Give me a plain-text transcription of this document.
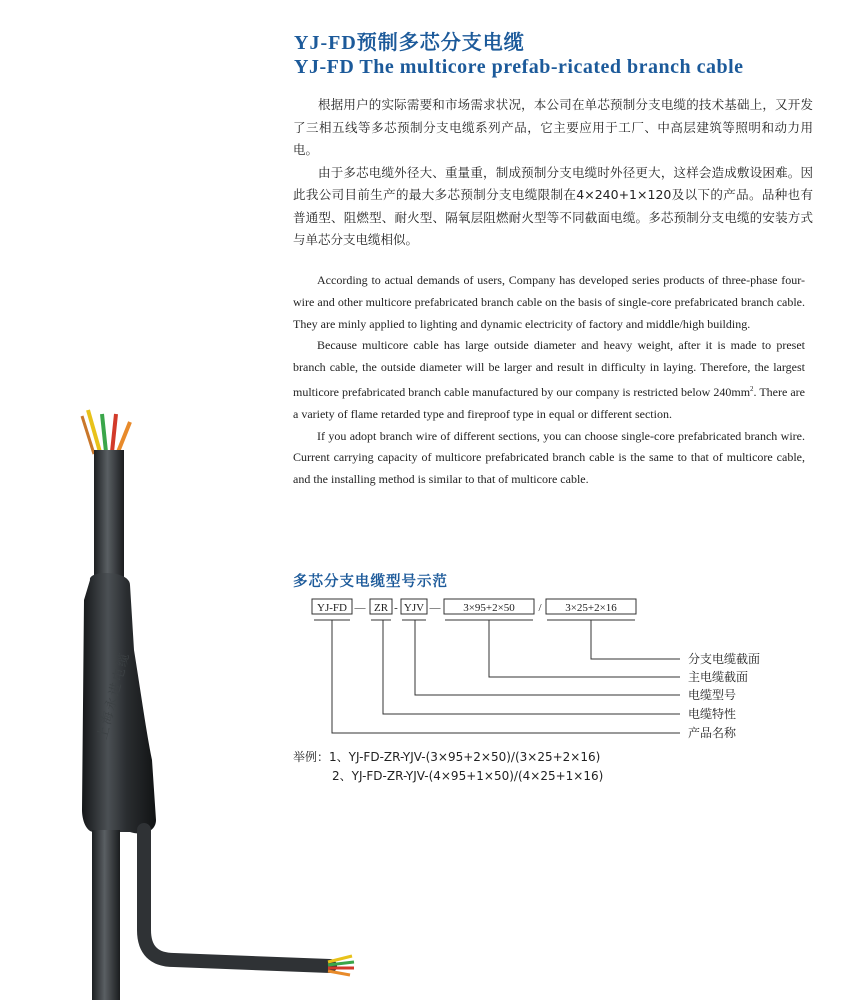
YJ-FD预制多芯分支电缆
YJ-FD The multicore prefab-ricated branch cable

根据用户的实际需要和市场需求状况，本公司在单芯预制分支电缆的技术基础上，又开发了三相五线等多芯预制分支电缆系列产品，它主要应用于工厂、中高层建筑等照明和动力用电。

由于多芯电缆外径大、重量重，制成预制分支电缆时外径更大，这样会造成敷设困难。因此我公司目前生产的最大多芯预制分支电缆限制在4×240+1×120及以下的产品。品种也有普通型、阻燃型、耐火型、隔氧层阻燃耐火型等不同截面电缆。多芯预制分支电缆的安装方式与单芯分支电缆相似。

According to actual demands of users, Company has developed series products of three-phase four-wire and other multicore prefabricated branch cable on the basis of single-core prefabricated branch cable. They are minly applied to lighting and dynamic electricity of factory and middle/high building.

Because multicore cable has large outside diameter and heavy weight, after it is made to preset branch cable, the outside diameter will be larger and result in difficulty in laying. Therefore, the largest multicore prefabricated branch cable manufactured by our company is restricted below $240mm^2$. There are a variety of flame retarded type and fireproof type in equal or different section.

If you adopt branch wire of different sections, you can choose single-core prefabricated branch wire. Current carrying capacity of multicore prefabricated branch cable is the same to that of multicore cable, and the installing method is similar to that of multicore cable.

多芯分支电缆型号示范
YJ-FD — ZR - YJV — 3×95+2×50 / 3×25+2×16
分支电缆截面
主电缆截面
电缆型号
电缆特性
产品名称
举例：1、YJ-FD-ZR-YJV-(3×95+2×50)/(3×25+2×16)
2、YJ-FD-ZR-YJV-(4×95+1×50)/(4×25+1×16)
上海永进电缆
